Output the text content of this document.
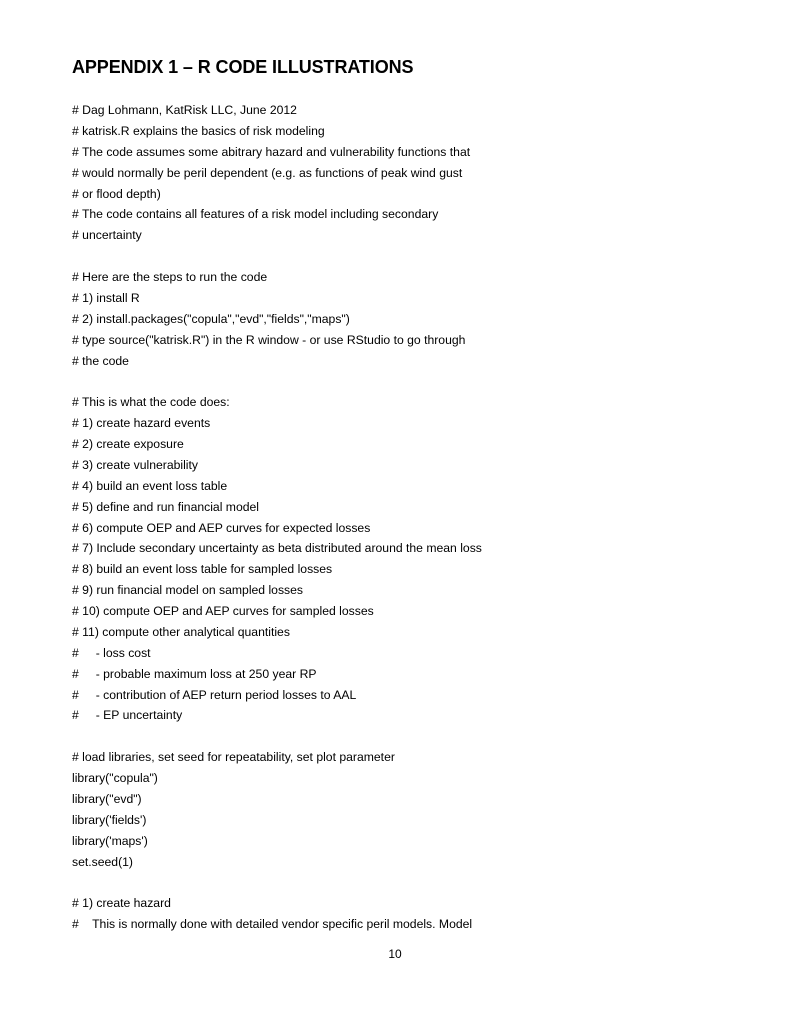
APPENDIX 1 – R CODE ILLUSTRATIONS
# Dag Lohmann, KatRisk LLC, June 2012
# katrisk.R explains the basics of risk modeling
# The code assumes some abitrary hazard and vulnerability functions that
# would normally be peril dependent (e.g. as functions of peak wind gust
# or flood depth)
# The code contains all features of a risk model including secondary
# uncertainty
# Here are the steps to run the code
# 1) install R
# 2) install.packages("copula","evd","fields","maps")
# type source("katrisk.R") in the R window - or use RStudio to go through
# the code
# This is what the code does:
# 1) create hazard events
# 2) create exposure
# 3) create vulnerability
# 4) build an event loss table
# 5) define and run financial model
# 6) compute OEP and AEP curves for expected losses
# 7) Include secondary uncertainty as beta distributed around the mean loss
# 8) build an event loss table for sampled losses
# 9) run financial model on sampled losses
# 10) compute OEP and AEP curves for sampled losses
# 11) compute other analytical quantities
#     - loss cost
#     - probable maximum loss at 250 year RP
#     - contribution of AEP return period losses to AAL
#     - EP uncertainty
# load libraries, set seed for repeatability, set plot parameter
library("copula")
library("evd")
library('fields')
library('maps')
set.seed(1)
# 1) create hazard
#    This is normally done with detailed vendor specific peril models. Model
10
